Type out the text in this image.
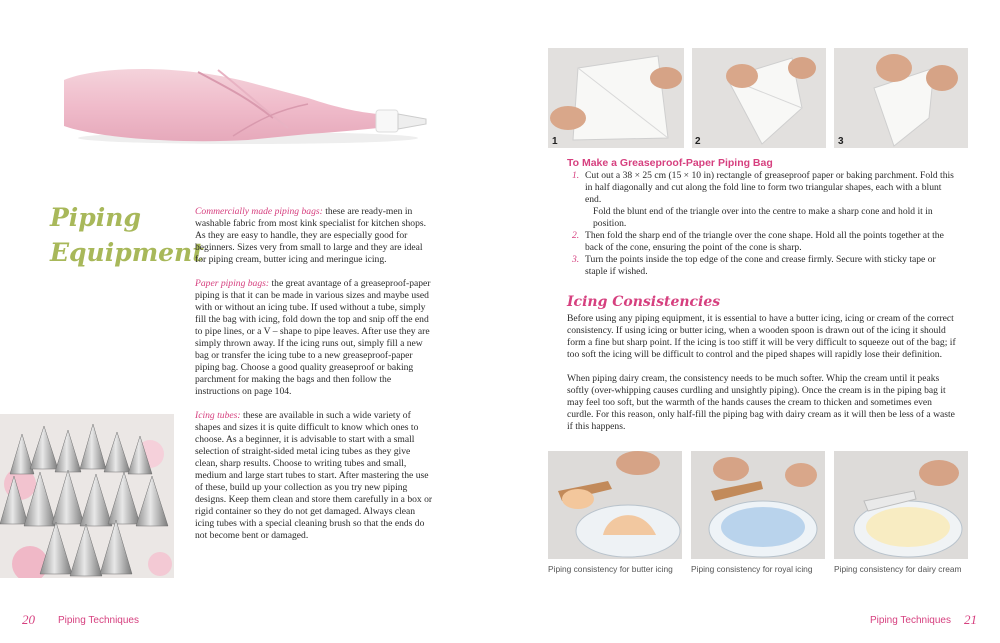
Piping
Equipment

Commercially made piping bags: these are ready-men in washable fabric from most kink specialist for kitchen shops. As they are easy to handle, they are especially good for beginners. Sizes very from small to large and they are ideal for piping cream, butter icing and meringue icing.

Paper piping bags: the great avantage of a greaseproof-paper piping is that it can be made in various sizes and maybe used with or without an icing tube. If used without a tube, simply fill the bag with icing, fold down the top and snip off the end to pipe lines, or a V – shape to pipe leaves. After use they are simply thrown away. If the icing runs out, simply fill a new bag or transfer the icing tube to a new greaseproof-paper piping bag. Choose a good quality greaseproof or baking parchment for making the bags and then follow the instructions on page 104.

Icing tubes: these are available in such a wide variety of shapes and sizes it is quite difficult to know which ones to choose. As a beginner, it is advisable to start with a small selection of straight-sided metal icing tubes as they give clean, sharp results. Choose to writing tubes and small, medium and large start tubes to start. After mastering the use of these, build up your collection as you try new piping designs. Keep them clean and store them carefully in a box or rigid container so they do not get damaged. Always clean icing tubes with a special cleaning brush so that the ends do not become bent or damaged.

20 Piping Techniques
1	2	3
To Make a Greaseproof-Paper Piping Bag
1. Cut out a 38 × 25 cm (15 × 10 in) rectangle of greaseproof paper or baking parchment. Fold this in half diagonally and cut along the fold line to form two triangular shapes, each with a blunt end.
Fold the blunt end of the triangle over into the centre to make a sharp cone and hold it in position.
2. Then fold the sharp end of the triangle over the cone shape. Hold all the points together at the back of the cone, ensuring the point of the cone is sharp.
3. Turn the points inside the top edge of the cone and crease firmly. Secure with sticky tape or staple if wished.
Icing Consistencies

Before using any piping equipment, it is essential to have a butter icing, icing or cream of the correct consistency. If using icing or butter icing, when a wooden spoon is drawn out of the icing it should form a fine but sharp point. If the icing is too stiff it will be very difficult to squeeze out of the bag; if too soft the icing will be difficult to control and the piped shapes will rapidly lose their definition.

When piping dairy cream, the consistency needs to be much softer. Whip the cream until it peaks softly (over-whipping causes curdling and unsightly piping). Once the cream is in the piping bag it may feel too soft, but the warmth of the hands causes the cream to thicken and sometimes even curdle. For this reason, only half-fill the piping bag with dairy cream as it will then be less of a waste if this happens.

Piping consistency for butter icing Piping consistency for royal icing	Piping consistency for dairy cream
Piping Techniques 21
